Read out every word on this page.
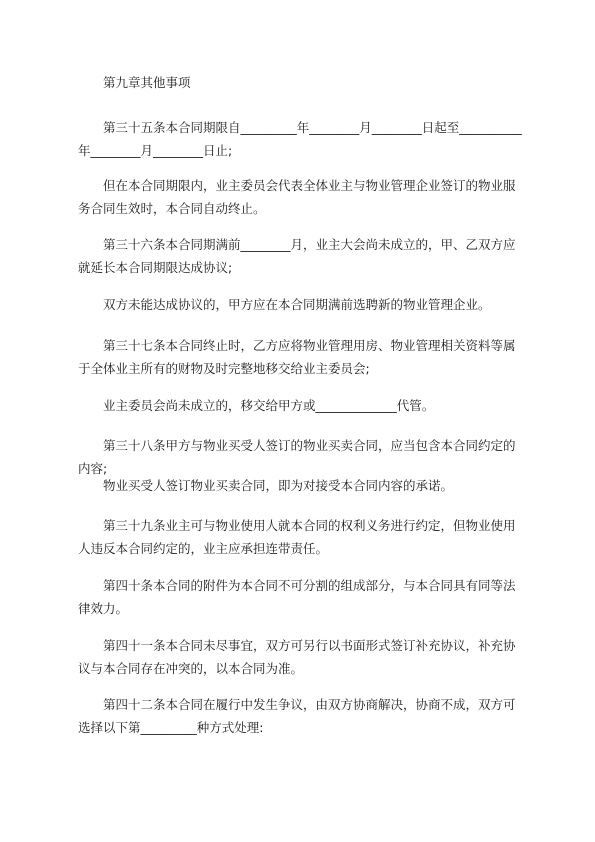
第九章其他事项

第三十五条本合同期限自_________年________月________日起至__________年________月________日止;

但在本合同期限内，业主委员会代表全体业主与物业管理企业签订的物业服务合同生效时，本合同自动终止。

第三十六条本合同期满前________月，业主大会尚未成立的，甲、乙双方应就延长本合同期限达成协议;

双方未能达成协议的，甲方应在本合同期满前选聘新的物业管理企业。

第三十七条本合同终止时，乙方应将物业管理用房、物业管理相关资料等属于全体业主所有的财物及时完整地移交给业主委员会;

业主委员会尚未成立的，移交给甲方或_____________代管。

第三十八条甲方与物业买受人签订的物业买卖合同，应当包含本合同约定的内容;

物业买受人签订物业买卖合同，即为对接受本合同内容的承诺。

第三十九条业主可与物业使用人就本合同的权利义务进行约定，但物业使用人违反本合同约定的，业主应承担连带责任。

第四十条本合同的附件为本合同不可分割的组成部分，与本合同具有同等法律效力。

第四十一条本合同未尽事宜，双方可另行以书面形式签订补充协议，补充协议与本合同存在冲突的，以本合同为准。

第四十二条本合同在履行中发生争议，由双方协商解决，协商不成，双方可选择以下第_________种方式处理:
